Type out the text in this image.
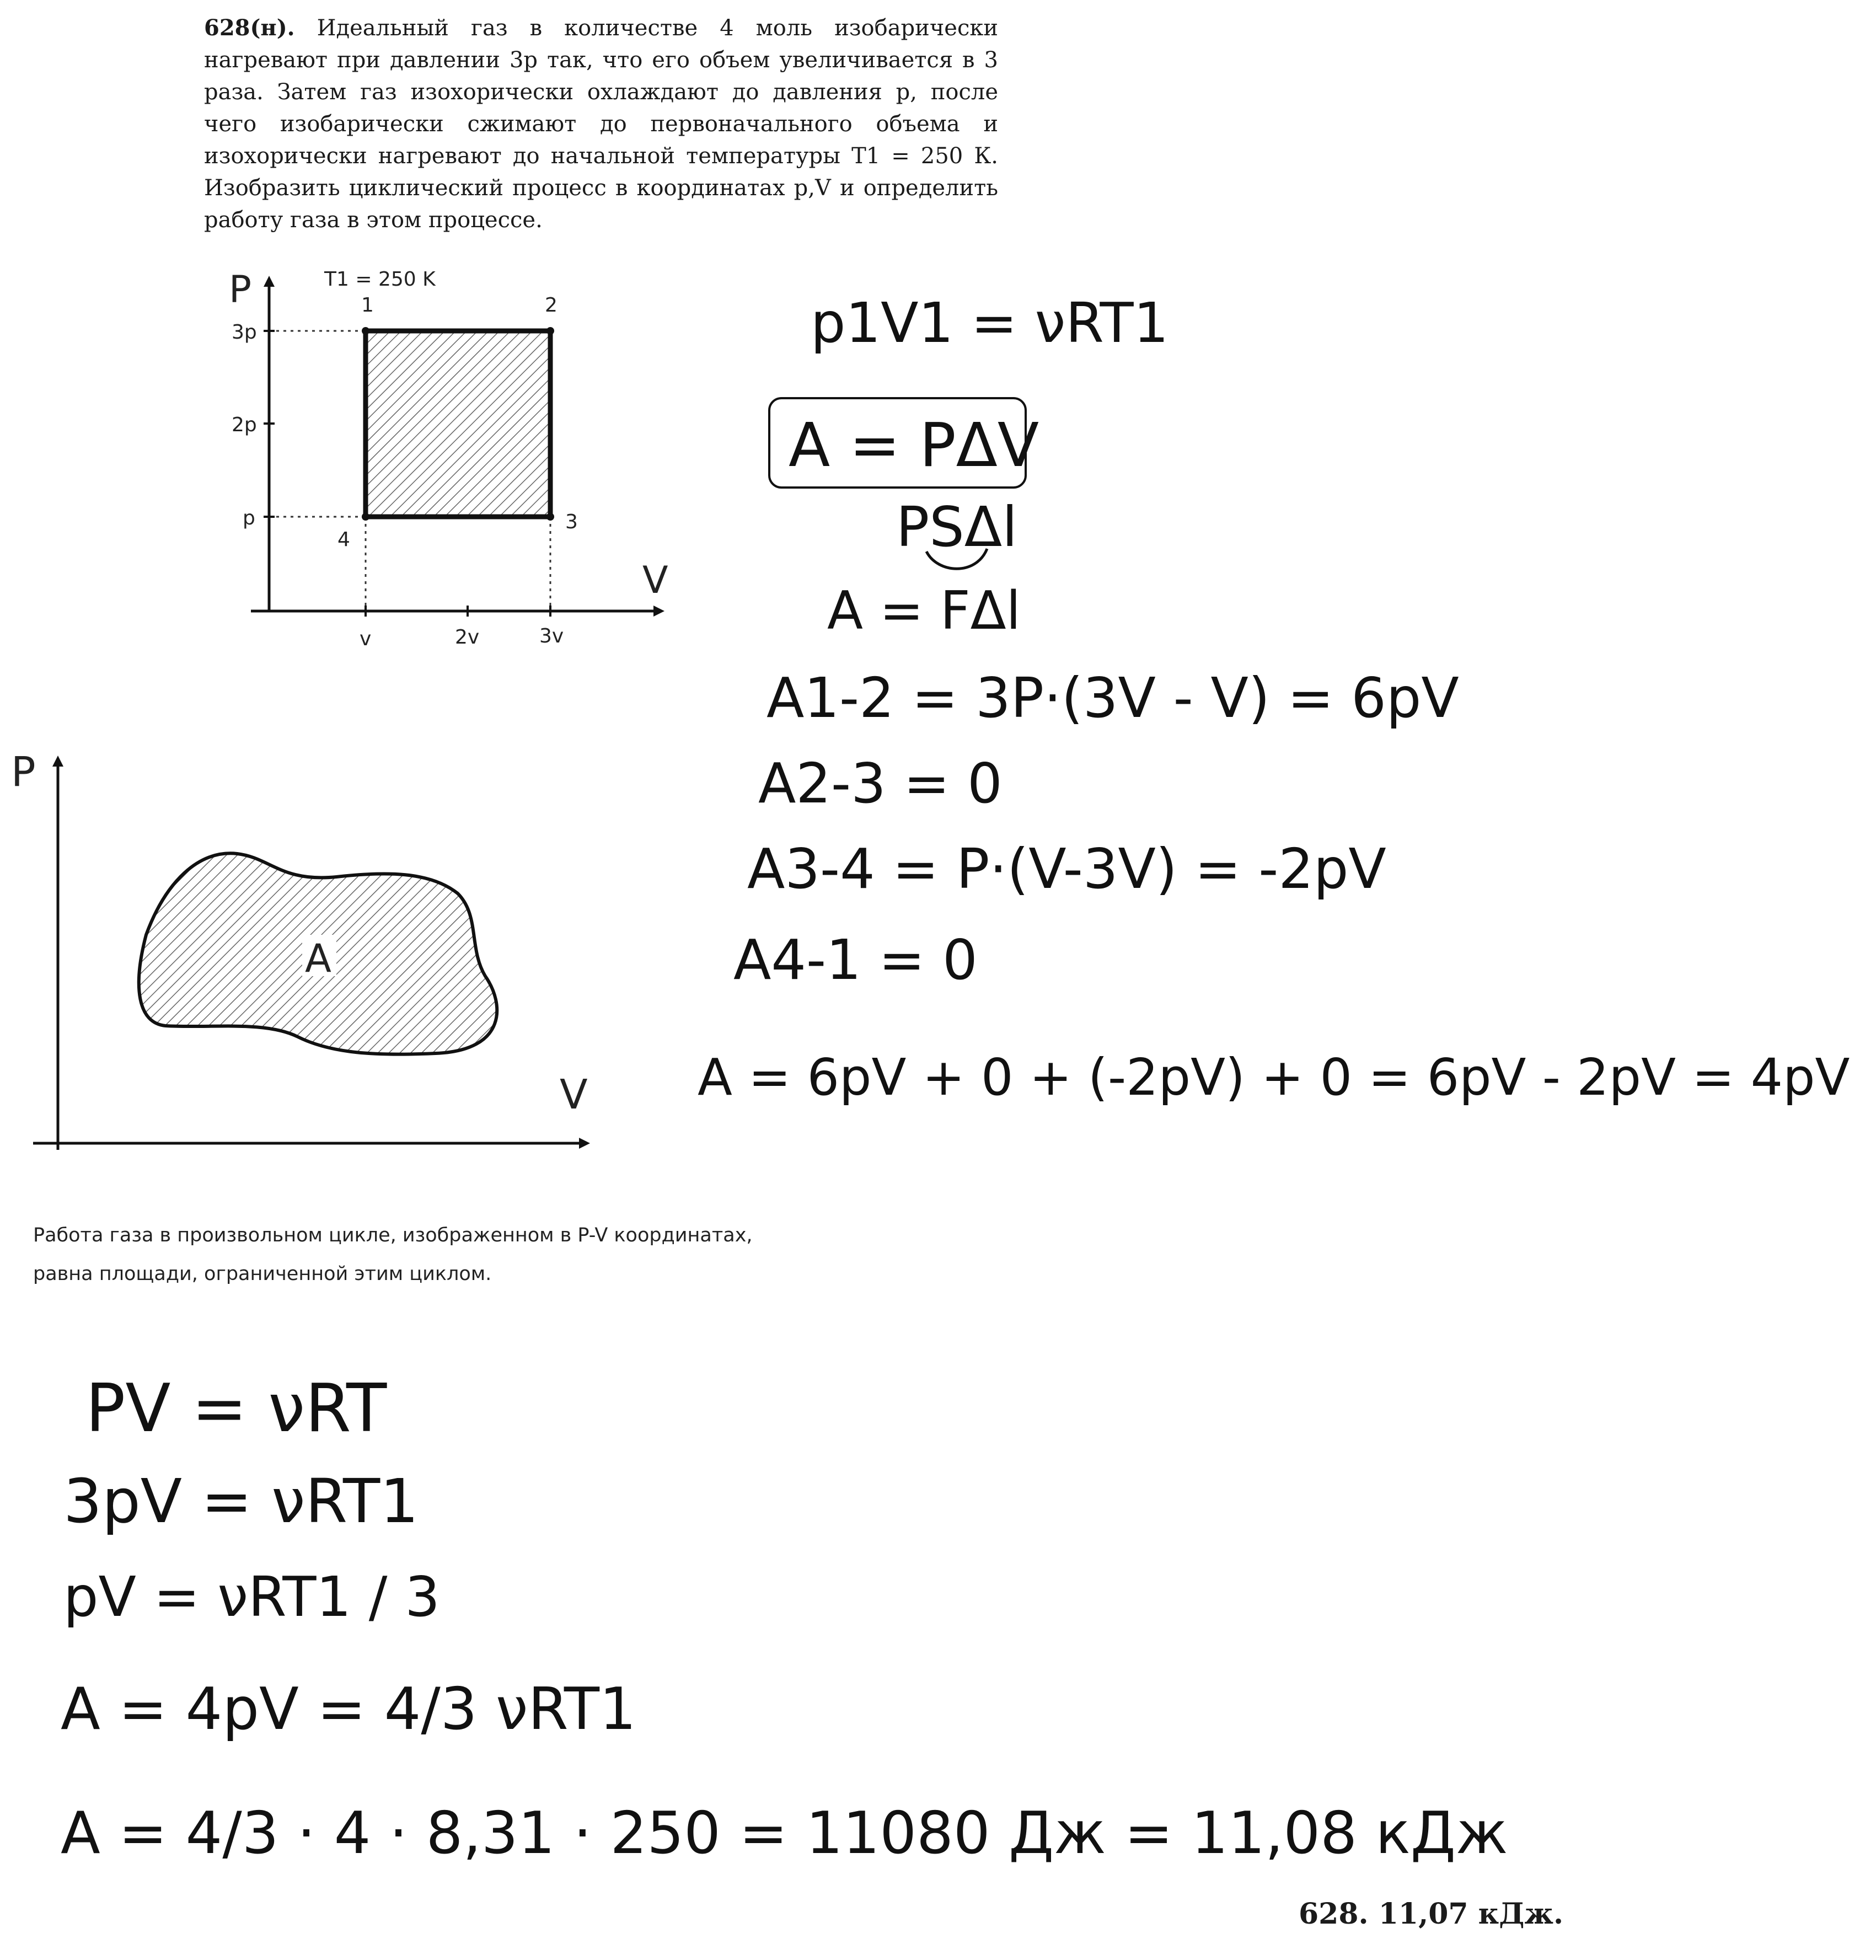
628(н). Идеальный газ в количестве 4 моль изобарически нагревают при давлении 3p так, что его объем увеличивается в 3 раза. Затем газ изохорически охлаждают до давления p, после чего изобарически сжимают до первоначального объема и изохорически нагревают до начальной температуры T1 = 250 К. Изобразить циклический процесс в координатах p,V и определить работу газа в этом процессе.
P
V
T1 = 250 K
3p
2p
p
v	2v	3v
1	2
3
4
P
V
A
p1V1 = νRT1
A = PΔV
PSΔl
A = FΔl
A1-2 = 3P·(3V - V) = 6pV
A2-3 = 0
A3-4 = P·(V-3V) = -2pV
A4-1 = 0
A = 6pV + 0 + (-2pV) + 0 = 6pV - 2pV = 4pV
PV = νRT
3pV = νRT1
pV = νRT1 / 3
A = 4pV = 4/3 νRT1
A = 4/3 · 4 · 8,31 · 250 = 11080 Дж = 11,08 кДж
Работа газа в произвольном цикле, изображенном в P-V координатах,
равна площади, ограниченной этим циклом.
628. 11,07 кДж.
